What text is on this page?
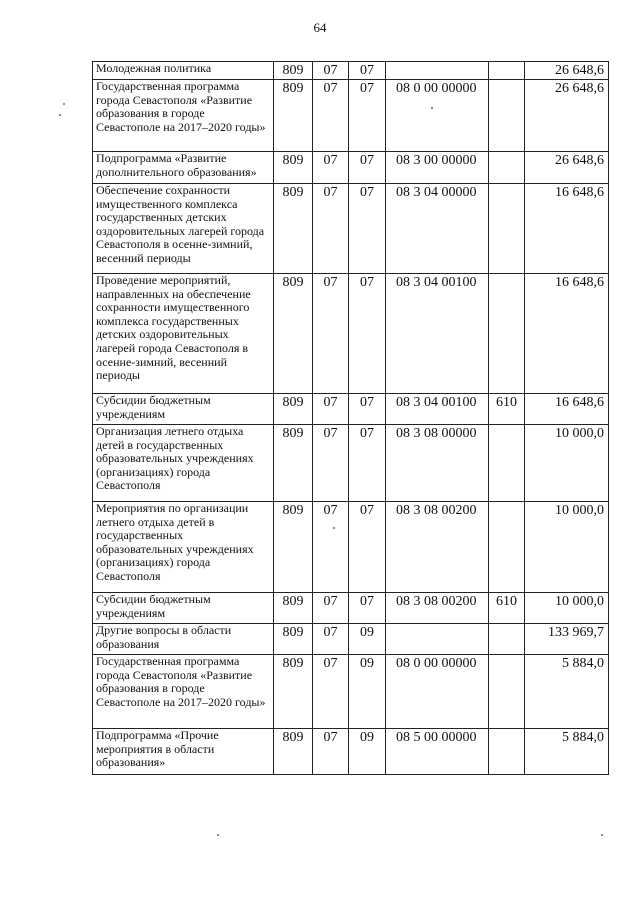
64
Молодежная политика	809	07	07			26 648,6
Государственная программа города Севастополя «Развитие образования в городе Севастополе на 2017–2020 годы»	809	07	07	08 0 00 00000		26 648,6
Подпрограмма «Развитие дополнительного образования»	809	07	07	08 3 00 00000		26 648,6
Обеспечение сохранности имущественного комплекса государственных детских оздоровительных лагерей города Севастополя в осенне-зимний, весенний периоды	809	07	07	08 3 04 00000		16 648,6
Проведение мероприятий, направленных на обеспечение сохранности имущественного комплекса государственных детских оздоровительных лагерей города Севастополя в осенне-зимний, весенний периоды	809	07	07	08 3 04 00100		16 648,6
Субсидии бюджетным учреждениям	809	07	07	08 3 04 00100	610	16 648,6
Организация летнего отдыха детей в государственных образовательных учреждениях (организациях) города Севастополя	809	07	07	08 3 08 00000		10 000,0
Мероприятия по организации летнего отдыха детей в государственных образовательных учреждениях (организациях) города Севастополя	809	07	07	08 3 08 00200		10 000,0
Субсидии бюджетным учреждениям	809	07	07	08 3 08 00200	610	10 000,0
Другие вопросы в области образования	809	07	09			133 969,7
Государственная программа города Севастополя «Развитие образования в городе Севастополе на 2017–2020 годы»	809	07	09	08 0 00 00000		5 884,0
Подпрограмма «Прочие мероприятия в области образования»	809	07	09	08 5 00 00000		5 884,0
